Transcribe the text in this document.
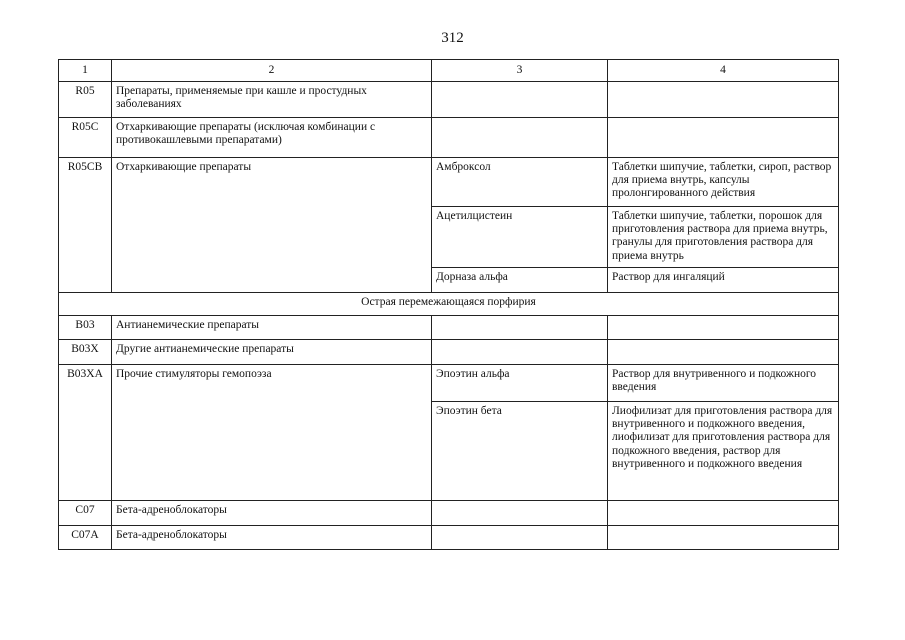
312
1	2	3	4
R05	Препараты, применяемые при кашле и простудных заболеваниях		
R05C	Отхаркивающие препараты (исключая комбинации с противокашлевыми препаратами)		
R05CB	Отхаркивающие препараты	Амброксол	Таблетки шипучие, таблетки, сироп, раствор для приема внутрь, капсулы пролонгированного действия
		Ацетилцистеин	Таблетки шипучие, таблетки, порошок для приготовления раствора для приема внутрь, гранулы для приготовления раствора для приема внутрь
		Дорназа альфа	Раствор для ингаляций
Острая перемежающаяся порфирия			
B03	Антианемические препараты		
B03X	Другие антианемические препараты		
B03XA	Прочие стимуляторы гемопоэза	Эпоэтин альфа	Раствор для внутривенного и подкожного введения
		Эпоэтин бета	Лиофилизат для приготовления раствора для внутривенного и подкожного введения, лиофилизат для приготовления раствора для подкожного введения, раствор для внутривенного и подкожного введения
C07	Бета-адреноблокаторы		
C07A	Бета-адреноблокаторы		
